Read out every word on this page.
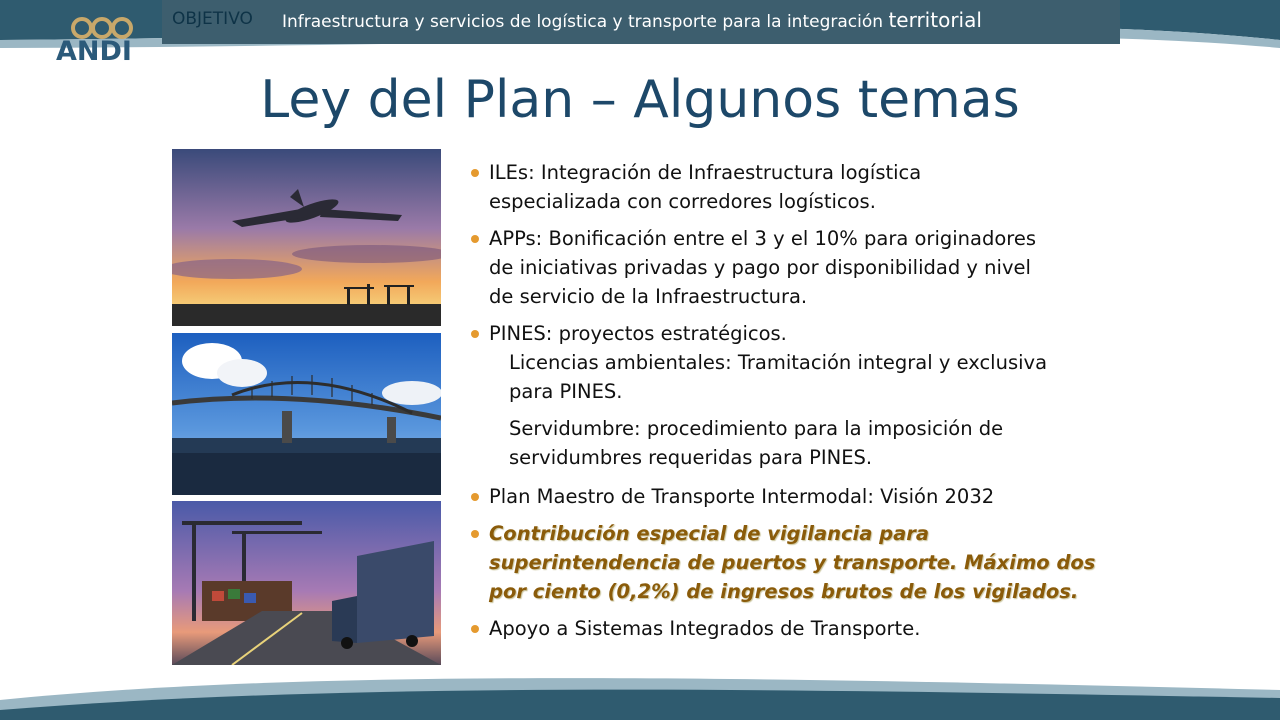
ANDI
OBJETIVO Infraestructura y servicios de logística y transporte para la integración territorial
Ley del Plan – Algunos temas
ILEs: Integración de Infraestructura logística
especializada con corredores logísticos.
APPs: Bonificación entre el 3 y el 10% para originadores
de iniciativas privadas y pago por disponibilidad y nivel
de servicio de la Infraestructura.
PINES: proyectos estratégicos.
Licencias ambientales: Tramitación integral y exclusiva
para PINES.
Servidumbre: procedimiento para la imposición de
servidumbres requeridas para PINES.
Plan Maestro de Transporte Intermodal: Visión 2032
Contribución especial de vigilancia para
superintendencia de puertos y transporte. Máximo dos
por ciento (0,2%) de ingresos brutos de los vigilados.
Apoyo a Sistemas Integrados de Transporte.
